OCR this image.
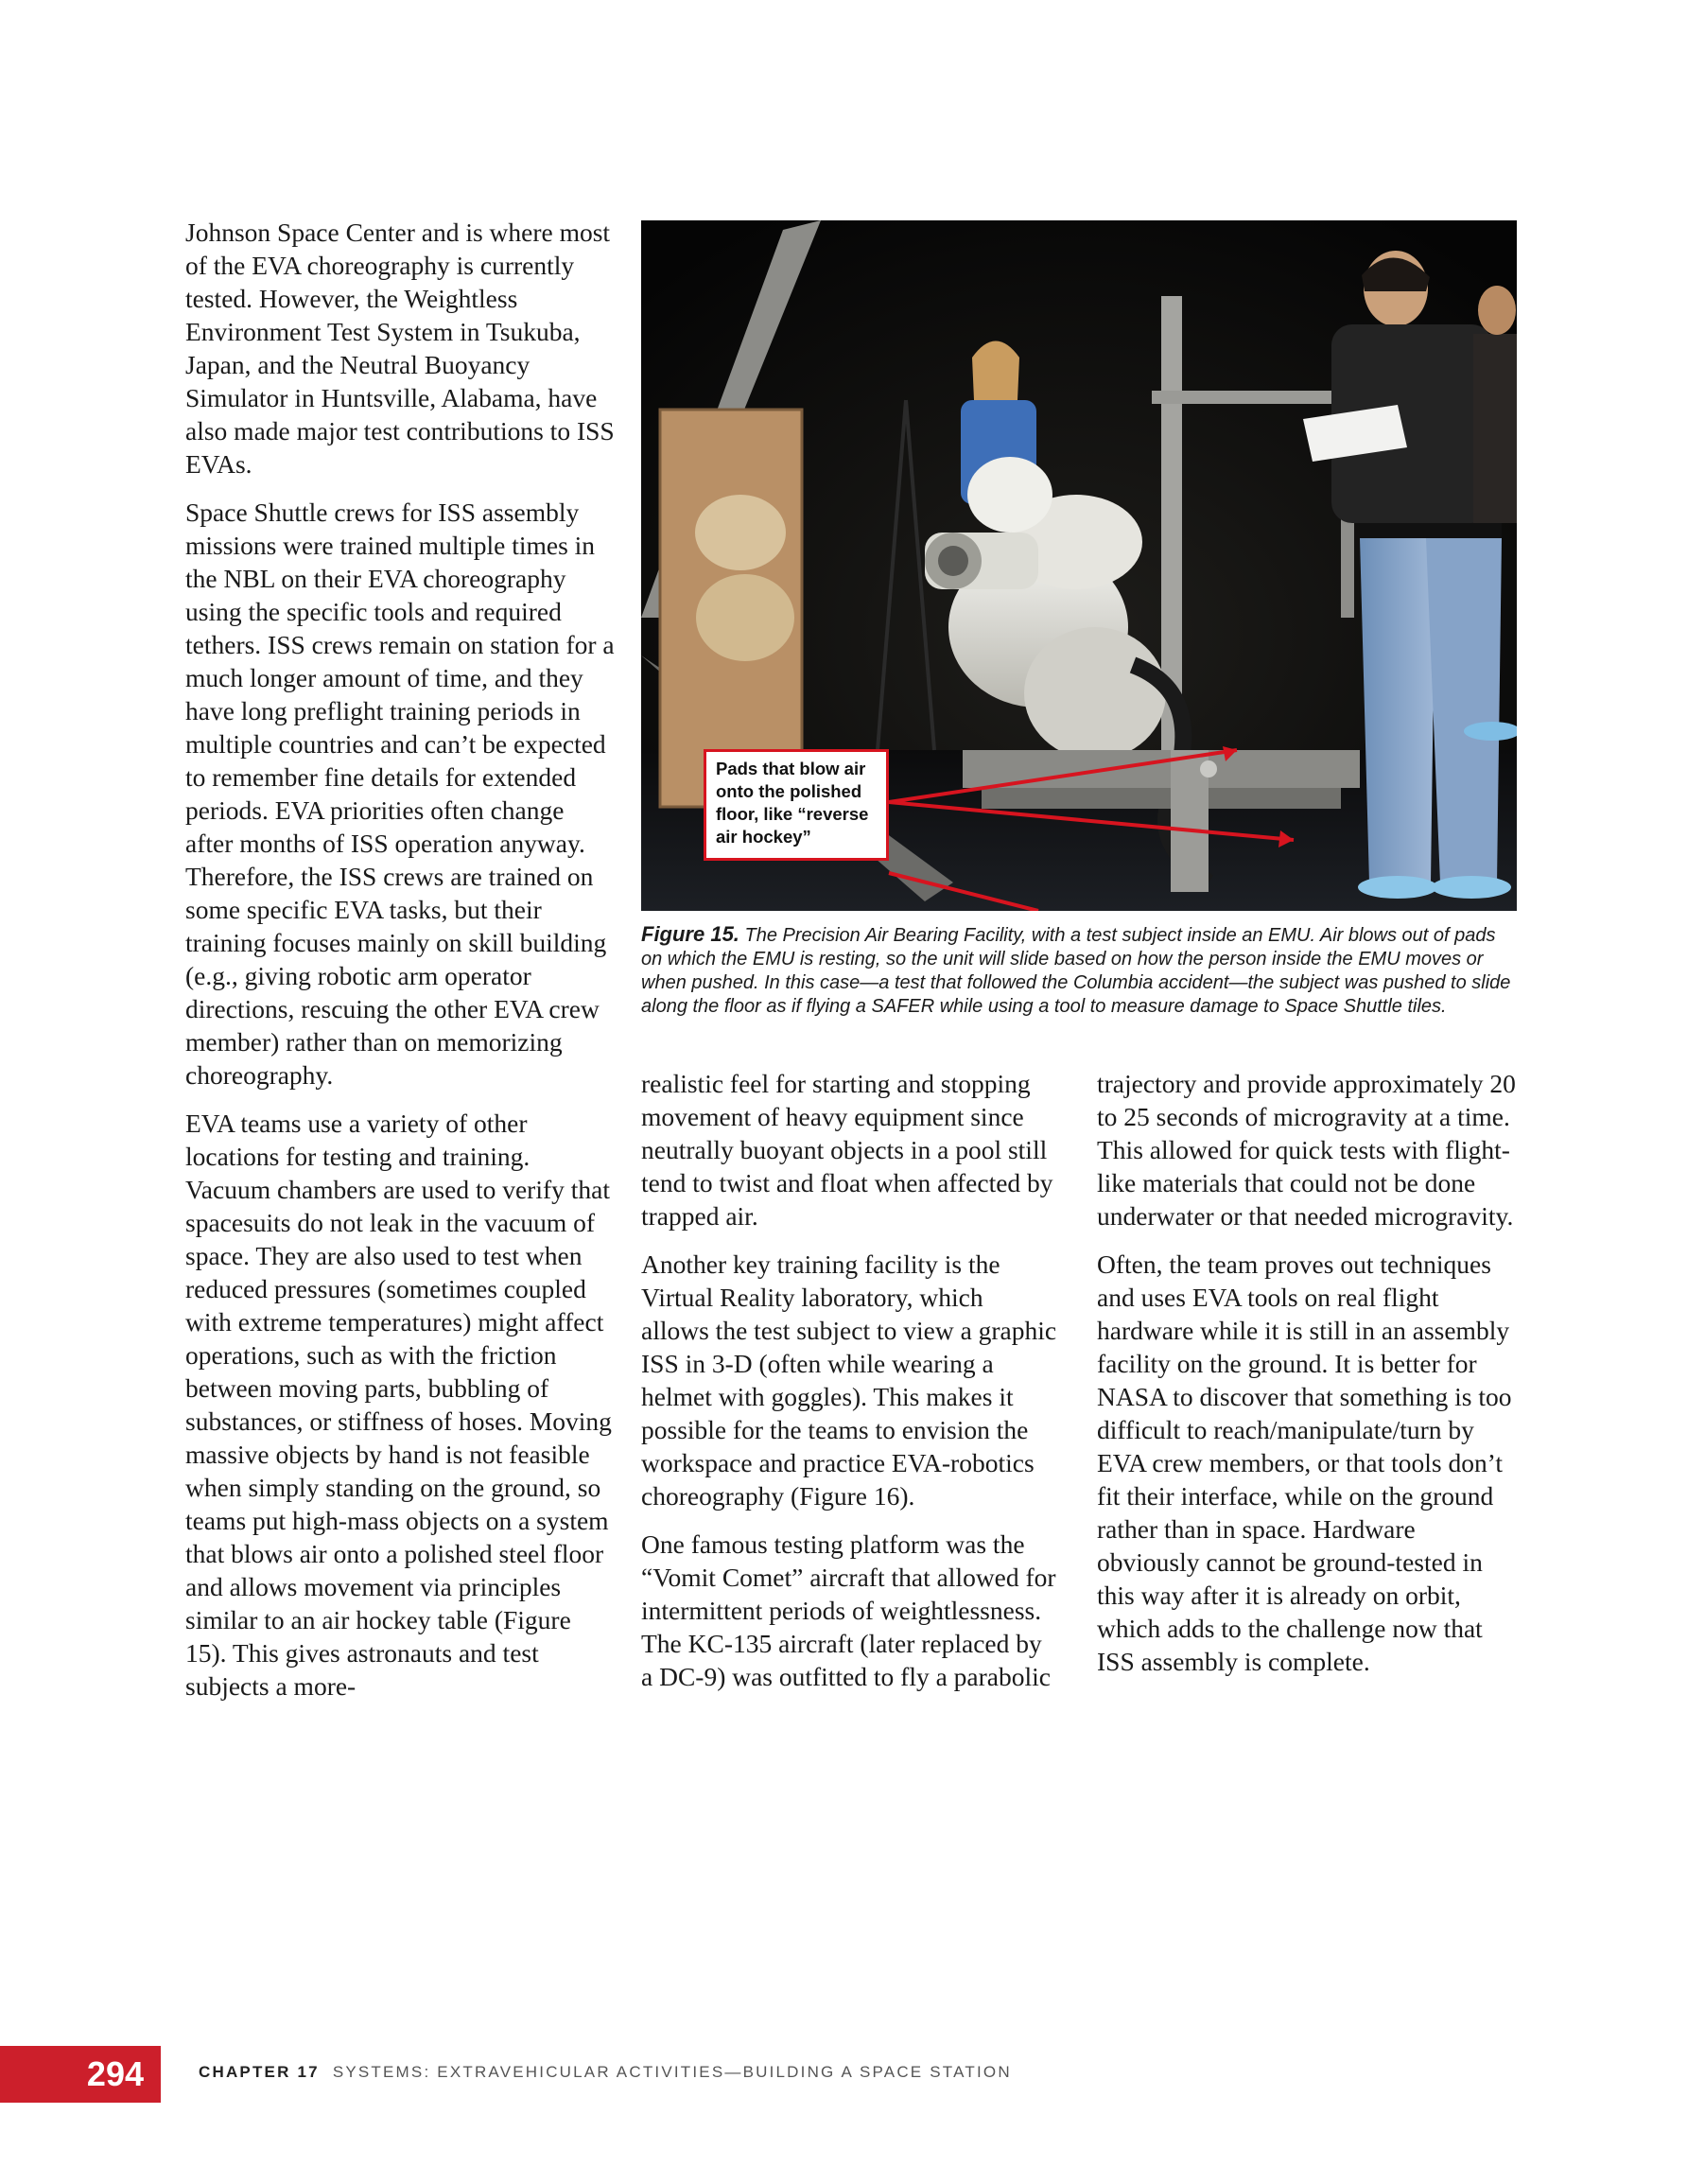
Johnson Space Center and is where most of the EVA choreography is currently tested. However, the Weightless Environment Test System in Tsukuba, Japan, and the Neutral Buoyancy Simulator in Huntsville, Alabama, have also made major test contributions to ISS EVAs.

Space Shuttle crews for ISS assembly missions were trained multiple times in the NBL on their EVA choreography using the specific tools and required tethers. ISS crews remain on station for a much longer amount of time, and they have long preflight training periods in multiple countries and can’t be expected to remember fine details for extended periods. EVA priorities often change after months of ISS operation anyway. Therefore, the ISS crews are trained on some specific EVA tasks, but their training focuses mainly on skill building (e.g., giving robotic arm operator directions, rescuing the other EVA crew member) rather than on memorizing choreography.

EVA teams use a variety of other locations for testing and training. Vacuum chambers are used to verify that spacesuits do not leak in the vacuum of space. They are also used to test when reduced pressures (sometimes coupled with extreme temperatures) might affect operations, such as with the friction between moving parts, bubbling of substances, or stiffness of hoses. Moving massive objects by hand is not feasible when simply standing on the ground, so teams put high-mass objects on a system that blows air onto a polished steel floor and allows movement via principles similar to an air hockey table (Figure 15). This gives astronauts and test subjects a more-

Pads that blow air onto the polished floor, like “reverse air hockey”
Figure 15. The Precision Air Bearing Facility, with a test subject inside an EMU. Air blows out of pads on which the EMU is resting, so the unit will slide based on how the person inside the EMU moves or when pushed. In this case—a test that followed the Columbia accident—the subject was pushed to slide along the floor as if flying a SAFER while using a tool to measure damage to Space Shuttle tiles.

realistic feel for starting and stopping movement of heavy equipment since neutrally buoyant objects in a pool still tend to twist and float when affected by trapped air.

Another key training facility is the Virtual Reality laboratory, which allows the test subject to view a graphic ISS in 3-D (often while wearing a helmet with goggles). This makes it possible for the teams to envision the workspace and practice EVA-robotics choreography (Figure 16).

One famous testing platform was the “Vomit Comet” aircraft that allowed for intermittent periods of weightlessness. The KC-135 aircraft (later replaced by a DC-9) was outfitted to fly a parabolic

trajectory and provide approximately 20 to 25 seconds of microgravity at a time. This allowed for quick tests with flight-like materials that could not be done underwater or that needed microgravity.

Often, the team proves out techniques and uses EVA tools on real flight hardware while it is still in an assembly facility on the ground. It is better for NASA to discover that something is too difficult to reach/manipulate/turn by EVA crew members, or that tools don’t fit their interface, while on the ground rather than in space. Hardware obviously cannot be ground-tested in this way after it is already on orbit, which adds to the challenge now that ISS assembly is complete.

294	CHAPTER 17 SYSTEMS: EXTRAVEHICULAR ACTIVITIES—BUILDING A SPACE STATION
